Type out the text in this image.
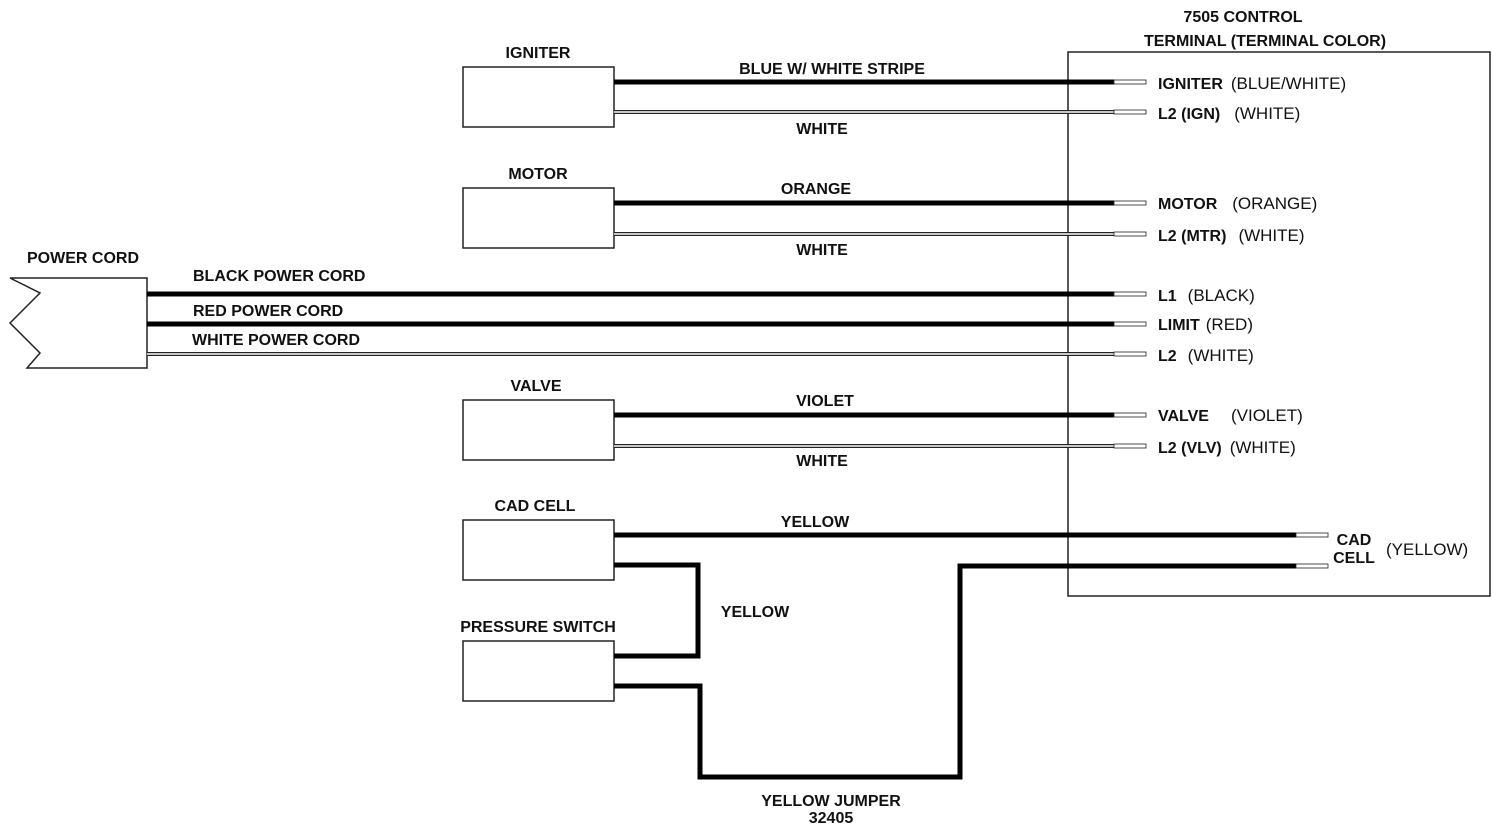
7505 CONTROL
TERMINAL (TERMINAL COLOR)
IGNITER
MOTOR
VALVE
CAD CELL
PRESSURE SWITCH
POWER CORD
BLUE W/ WHITE STRIPE
WHITE
ORANGE
WHITE
BLACK POWER CORD
RED POWER CORD
WHITE POWER CORD
VIOLET
WHITE
YELLOW
YELLOW
YELLOW JUMPER
32405
IGNITER (BLUE/WHITE)
L2 (IGN) (WHITE)
MOTOR (ORANGE)
L2 (MTR) (WHITE)
L1 (BLACK)
LIMIT (RED)
L2 (WHITE)
VALVE (VIOLET)
L2 (VLV) (WHITE)
CAD
CELL (YELLOW)
